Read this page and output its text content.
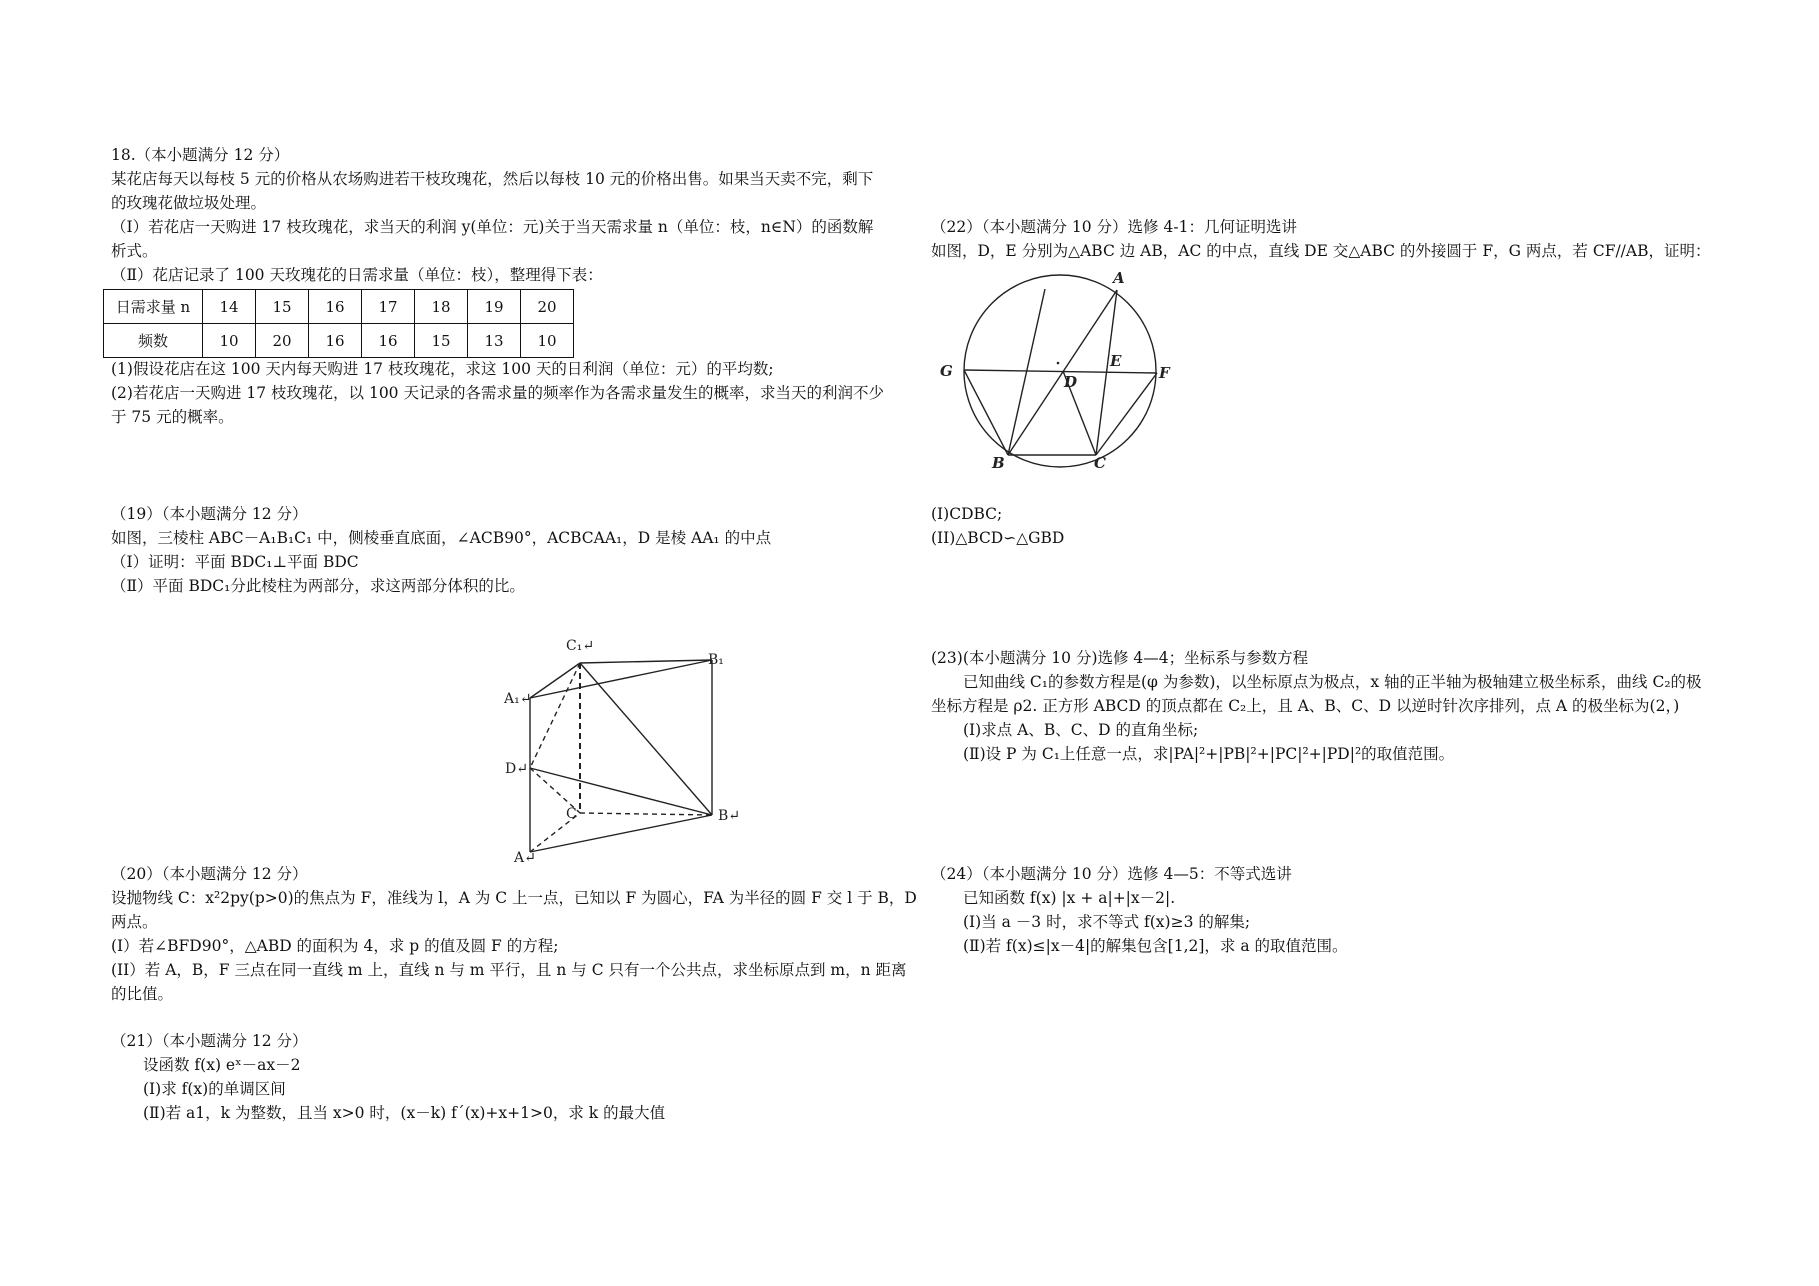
18.（本小题满分 12 分）
某花店每天以每枝 5 元的价格从农场购进若干枝玫瑰花，然后以每枝 10 元的价格出售。如果当天卖不完，剩下
的玫瑰花做垃圾处理。
（Ⅰ）若花店一天购进 17 枝玫瑰花，求当天的利润 y(单位：元)关于当天需求量 n（单位：枝，n∈N）的函数解
析式。
（Ⅱ）花店记录了 100 天玫瑰花的日需求量（单位：枝），整理得下表：
日需求量 n	14	15	16	17	18	19	20
频数	10	20	16	16	15	13	10
(1)假设花店在这 100 天内每天购进 17 枝玫瑰花，求这 100 天的日利润（单位：元）的平均数;
(2)若花店一天购进 17 枝玫瑰花，以 100 天记录的各需求量的频率作为各需求量发生的概率，求当天的利润不少
于 75 元的概率。
（19）（本小题满分 12 分）
如图，三棱柱 ABC－A₁B₁C₁ 中，侧棱垂直底面，∠ACB90°，ACBCAA₁，D 是棱 AA₁ 的中点
（Ⅰ）证明：平面 BDC₁⊥平面 BDC
（Ⅱ）平面 BDC₁分此棱柱为两部分，求这两部分体积的比。
（20）（本小题满分 12 分）
设抛物线 C：x²2py(p>0)的焦点为 F，准线为 l，A 为 C 上一点，已知以 F 为圆心，FA 为半径的圆 F 交 l 于 B，D
两点。
(I）若∠BFD90°，△ABD 的面积为 4，求 p 的值及圆 F 的方程;
(II）若 A，B，F 三点在同一直线 m 上，直线 n 与 m 平行，且 n 与 C 只有一个公共点，求坐标原点到 m，n 距离
的比值。
（21）（本小题满分 12 分）
设函数 f(x) eˣ－ax－2
(Ⅰ)求 f(x)的单调区间
(Ⅱ)若 a1，k 为整数，且当 x>0 时，(x－k) f´(x)+x+1>0，求 k 的最大值
C₁↵
B₁
A₁↵
D↵
C	B↵
A↵
（22）（本小题满分 10 分）选修 4-1：几何证明选讲
如图，D，E 分别为△ABC 边 AB，AC 的中点，直线 DE 交△ABC 的外接圆于 F，G 两点，若 CF//AB，证明：
(I)CDBC;
(II)△BCD∽△GBD
(23)(本小题满分 10 分)选修 4—4；坐标系与参数方程
已知曲线 C₁的参数方程是(φ 为参数)，以坐标原点为极点，x 轴的正半轴为极轴建立极坐标系，曲线 C₂的极
坐标方程是 ρ2. 正方形 ABCD 的顶点都在 C₂上，且 A、B、C、D 以逆时针次序排列，点 A 的极坐标为(2，)
(Ⅰ)求点 A、B、C、D 的直角坐标;
(Ⅱ)设 P 为 C₁上任意一点，求|PA|²+|PB|²+|PC|²+|PD|²的取值范围。
（24）（本小题满分 10 分）选修 4—5：不等式选讲
已知函数 f(x) |x + a|+|x－2|.
(Ⅰ)当 a －3 时，求不等式 f(x)≥3 的解集;
(Ⅱ)若 f(x)≤|x－4|的解集包含[1,2]，求 a 的取值范围。
A
G
E
D	F
B	C
